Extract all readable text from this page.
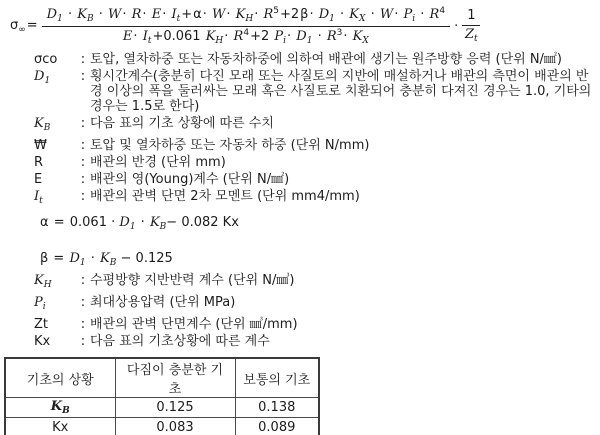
$\sigma_\infty= \frac{D_1 \cdot K_B \cdot W\cdot R\cdot E\cdot I_t+\alpha\cdot W\cdot K_H\cdot R^5+2\beta\cdot D_1 \cdot K_X \cdot W\cdot P_i \cdot R^4}{E\cdot I_t+0.061 K_H\cdot R^4+2 P_i\cdot D_1 \cdot R^3\cdot K_X} \cdot \frac{1}{Z_t}$
σco	: 토압, 열차하중 또는 자동차하중에 의하여 배관에 생기는 원주방향 응력 (단위 N/㎟)
$D_1$	: 횡시간계수(충분히 다진 모래 또는 사질토의 지반에 매설하거나 배관의 측면이 배관의 반경 이상의 폭을 둘러싸는 모래 혹은 사질토로 치환되어 충분히 다져진 경우는 1.0, 기타의 경우는 1.5로 한다)
$K_B$	: 다음 표의 기초 상황에 따른 수치
₩	: 토압 및 열차하중 또는 자동차 하중 (단위 N/mm)
R	: 배관의 반경 (단위 mm)
E	: 배관의 영(Young)계수 (단위 N/㎟)
$I_t$	: 배관의 관벽 단면 2차 모멘트 (단위 mm4/mm)
$\alpha = 0.061 \cdot D_1 \cdot K_B- 0.082$ Kx
$\beta = D_1 \cdot K_B - 0.125$
$K_H$	: 수평방향 지반반력 계수 (단위 N/㎣)
$P_i$	: 최대상용압력 (단위 MPa)
Zt	: 배관의 관벽 단면계수 (단위 ㎣/mm)
Kx	: 다음 표의 기초상황에 따른 계수
기초의 상황	다짐이 충분한 기초	보통의 기초
$K_B$	0.125	0.138
Kx	0.083	0.089
